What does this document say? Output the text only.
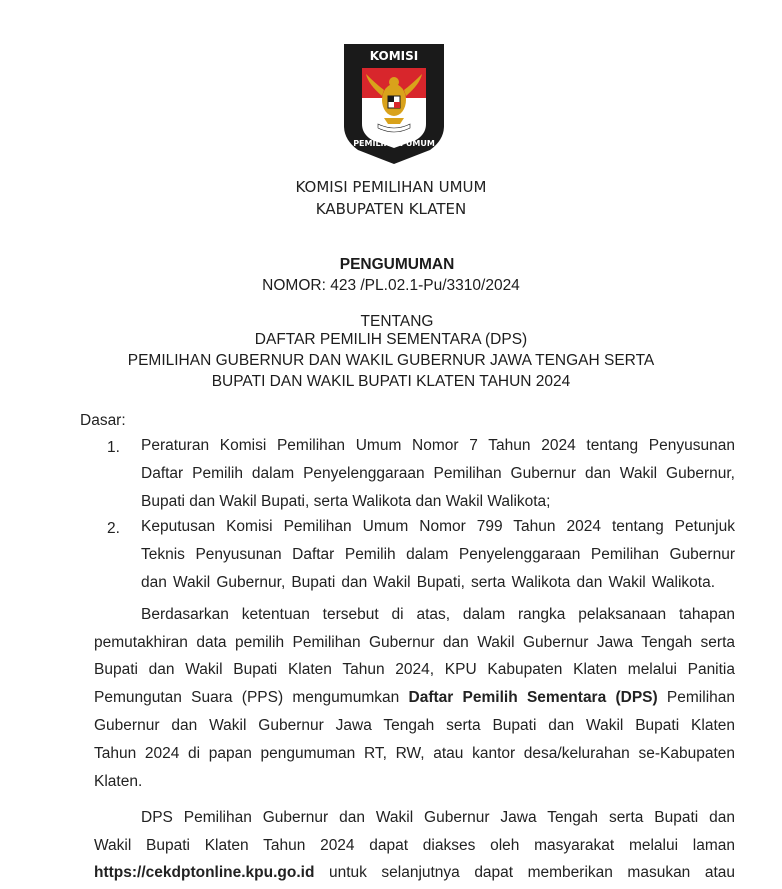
KOMISI
PEMILIHAN UMUM
KOMISI PEMILIHAN UMUM
KABUPATEN KLATEN
PENGUMUMAN
NOMOR: 423 /PL.02.1-Pu/3310/2024
TENTANG
DAFTAR PEMILIH SEMENTARA (DPS)
PEMILIHAN GUBERNUR DAN WAKIL GUBERNUR JAWA TENGAH SERTA
BUPATI DAN WAKIL BUPATI KLATEN TAHUN 2024
Dasar:
1. Peraturan Komisi Pemilihan Umum Nomor 7 Tahun 2024 tentang Penyusunan
Daftar Pemilih dalam Penyelenggaraan Pemilihan Gubernur dan Wakil Gubernur,
Bupati dan Wakil Bupati, serta Walikota dan Wakil Walikota;
2. Keputusan Komisi Pemilihan Umum Nomor 799 Tahun 2024 tentang Petunjuk
Teknis Penyusunan Daftar Pemilih dalam Penyelenggaraan Pemilihan Gubernur
dan Wakil Gubernur, Bupati dan Wakil Bupati, serta Walikota dan Wakil Walikota.
Berdasarkan ketentuan tersebut di atas, dalam rangka pelaksanaan tahapan
pemutakhiran data pemilih Pemilihan Gubernur dan Wakil Gubernur Jawa Tengah serta
Bupati dan Wakil Bupati Klaten Tahun 2024, KPU Kabupaten Klaten melalui Panitia
Pemungutan Suara (PPS) mengumumkan Daftar Pemilih Sementara (DPS) Pemilihan
Gubernur dan Wakil Gubernur Jawa Tengah serta Bupati dan Wakil Bupati Klaten
Tahun 2024 di papan pengumuman RT, RW, atau kantor desa/kelurahan se-Kabupaten
Klaten.
DPS Pemilihan Gubernur dan Wakil Gubernur Jawa Tengah serta Bupati dan
Wakil Bupati Klaten Tahun 2024 dapat diakses oleh masyarakat melalui laman
https://cekdptonline.kpu.go.id untuk selanjutnya dapat memberikan masukan atau
